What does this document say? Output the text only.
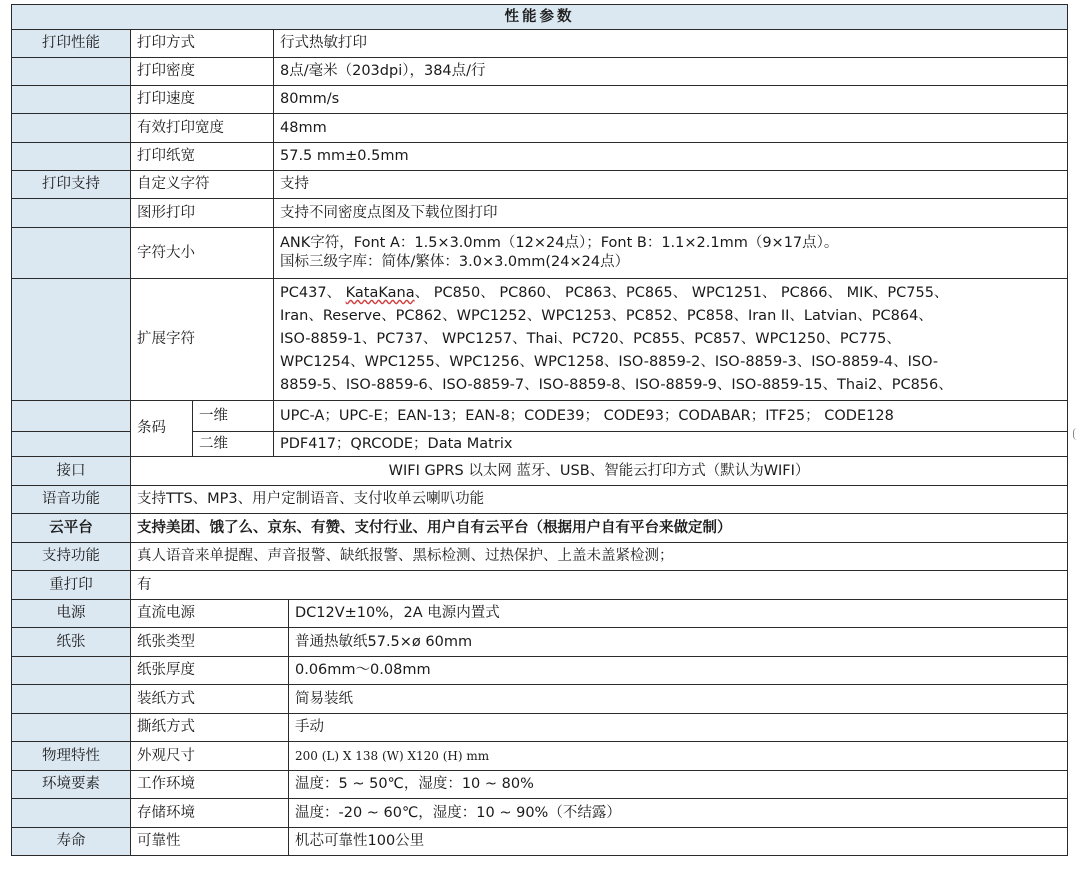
性能参数				
打印性能	打印方式		行式热敏打印	
	打印密度		8点/毫米（203dpi），384点/行	
	打印速度		80mm/s	
	有效打印宽度		48mm	
	打印纸宽		57.5 mm±0.5mm	
打印支持	自定义字符		支持	
	图形打印		支持不同密度点图及下载位图打印	
	字符大小		ANK字符，Font A：1.5×3.0mm（12×24点）；Font B：1.1×2.1mm（9×17点）。
国标三级字库：简体/繁体：3.0×3.0mm(24×24点）	

	扩展字符		PC437、 KataKana、 PC850、 PC860、 PC863、PC865、 WPC1251、 PC866、 MIK、PC755、
Iran、Reserve、PC862、WPC1252、WPC1253、PC852、PC858、Iran II、Latvian、PC864、
ISO-8859-1、PC737、 WPC1257、Thai、PC720、PC855、PC857、WPC1250、PC775、
WPC1254、WPC1255、WPC1256、WPC1258、ISO-8859-2、ISO-8859-3、ISO-8859-4、ISO-
8859-5、ISO-8859-6、ISO-8859-7、ISO-8859-8、ISO-8859-9、ISO-8859-15、Thai2、PC856、	

	条码	一维	UPC-A；UPC-E；EAN-13；EAN-8；CODE39； CODE93；CODABAR；ITF25； CODE128	
		二维	PDF417；QRCODE；Data Matrix	
接口	WIFI GPRS 以太网 蓝牙、USB、智能云打印方式（默认为WIFI）			
语音功能	支持TTS、MP3、用户定制语音、支付收单云喇叭功能			
云平台	支持美团、饿了么、京东、有赞、支付行业、用户自有云平台（根据用户自有平台来做定制）			
支持功能	真人语音来单提醒、声音报警、缺纸报警、黑标检测、过热保护、上盖未盖紧检测；			
重打印	有			
电源	直流电源			DC12V±10%，2A 电源内置式
纸张	纸张类型			普通热敏纸57.5×ø 60mm
	纸张厚度			0.06mm～0.08mm
	装纸方式			简易装纸
	撕纸方式			手动
物理特性	外观尺寸			200 (L) X 138 (W) X120 (H) mm
环境要素	工作环境			温度：5 ~ 50℃，湿度：10 ~ 80%
	存储环境			温度：-20 ~ 60℃，湿度：10 ~ 90%（不结露）
寿命	可靠性			机芯可靠性100公里
